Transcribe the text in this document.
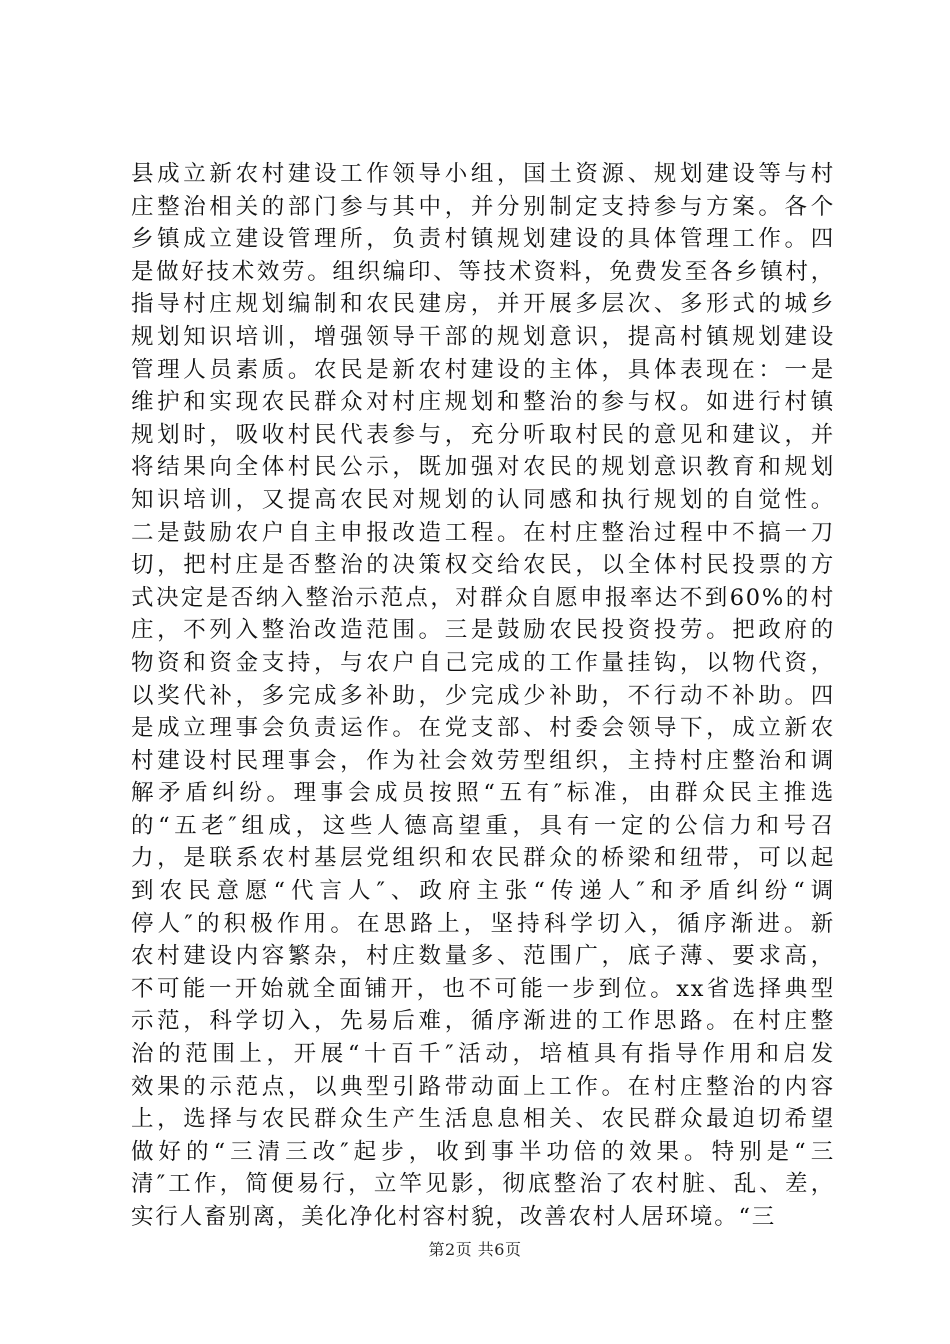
县成立新农村建设工作领导小组，国土资源、规划建设等与村
庄整治相关的部门参与其中，并分别制定支持参与方案。各个
乡镇成立建设管理所，负责村镇规划建设的具体管理工作。四
是做好技术效劳。组织编印、等技术资料，免费发至各乡镇村，
指导村庄规划编制和农民建房，并开展多层次、多形式的城乡
规划知识培训，增强领导干部的规划意识，提高村镇规划建设
管理人员素质。农民是新农村建设的主体，具体表现在：一是
维护和实现农民群众对村庄规划和整治的参与权。如进行村镇
规划时，吸收村民代表参与，充分听取村民的意见和建议，并
将结果向全体村民公示，既加强对农民的规划意识教育和规划
知识培训，又提高农民对规划的认同感和执行规划的自觉性。
二是鼓励农户自主申报改造工程。在村庄整治过程中不搞一刀
切，把村庄是否整治的决策权交给农民，以全体村民投票的方
式决定是否纳入整治示范点，对群众自愿申报率达不到60%的村
庄，不列入整治改造范围。三是鼓励农民投资投劳。把政府的
物资和资金支持，与农户自己完成的工作量挂钩，以物代资，
以奖代补，多完成多补助，少完成少补助，不行动不补助。四
是成立理事会负责运作。在党支部、村委会领导下，成立新农
村建设村民理事会，作为社会效劳型组织，主持村庄整治和调
解矛盾纠纷。理事会成员按照“五有″标准，由群众民主推选
的“五老″组成，这些人德高望重，具有一定的公信力和号召
力，是联系农村基层党组织和农民群众的桥梁和纽带，可以起
到农民意愿“代言人″、政府主张“传递人″和矛盾纠纷“调
停人″的积极作用。在思路上，坚持科学切入，循序渐进。新
农村建设内容繁杂，村庄数量多、范围广，底子薄、要求高，
不可能一开始就全面铺开，也不可能一步到位。xx省选择典型
示范，科学切入，先易后难，循序渐进的工作思路。在村庄整
治的范围上，开展“十百千″活动，培植具有指导作用和启发
效果的示范点，以典型引路带动面上工作。在村庄整治的内容
上，选择与农民群众生产生活息息相关、农民群众最迫切希望
做好的“三清三改″起步，收到事半功倍的效果。特别是“三
清″工作，简便易行，立竿见影，彻底整治了农村脏、乱、差，
实行人畜别离，美化净化村容村貌，改善农村人居环境。“三
第2页 共6页
